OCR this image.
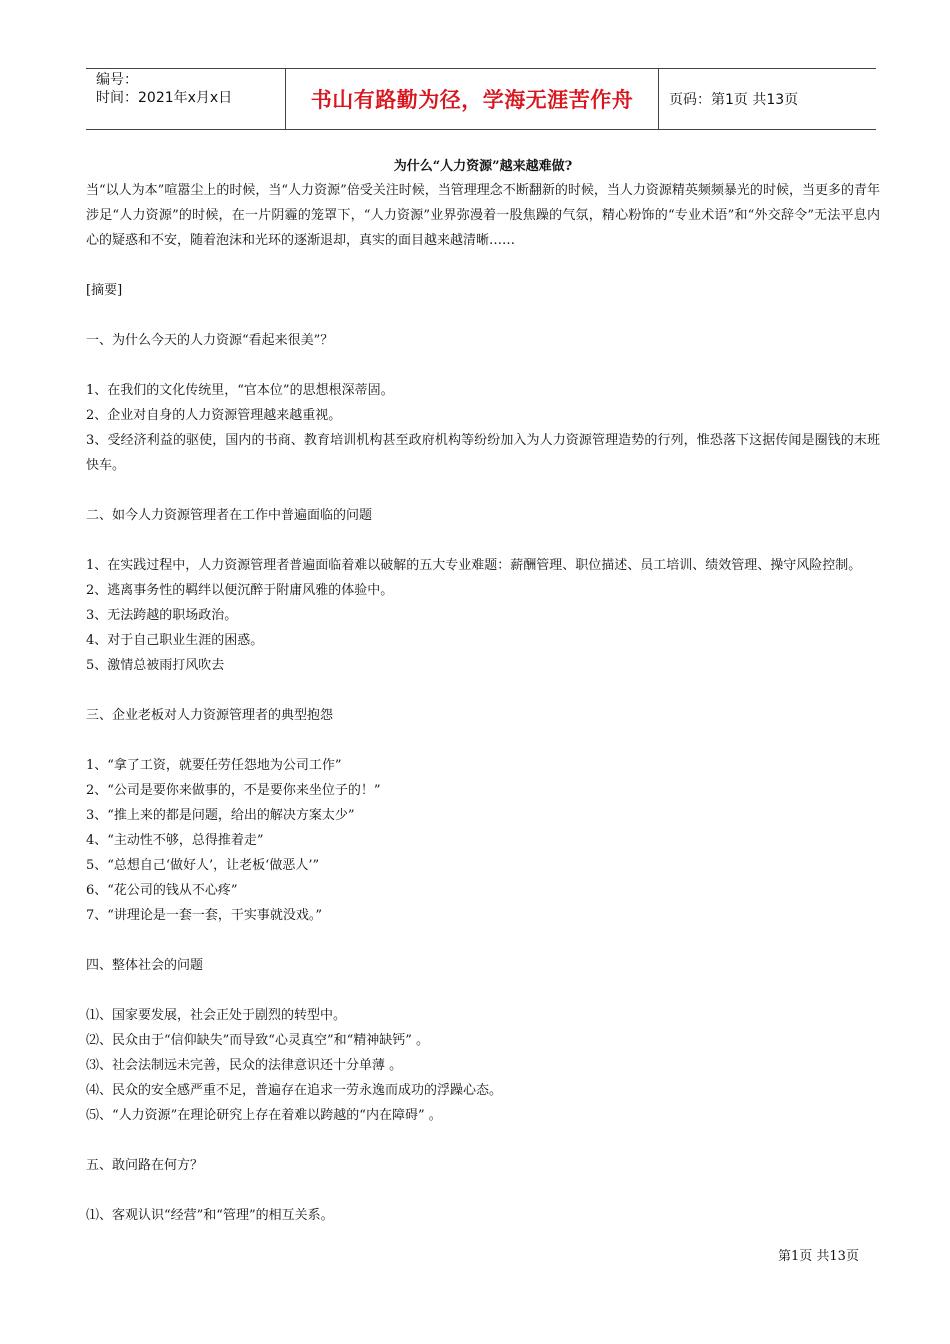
编号：
时间：2021年x月x日	书山有路勤为径，学海无涯苦作舟	页码：第1页 共13页
为什么“人力资源”越来越难做?

当“以人为本”喧嚣尘上的时候，当“人力资源”倍受关注时候，当管理理念不断翻新的时候，当人力资源精英频频暴光的时候，当更多的青年涉足“人力资源”的时候，在一片阴霾的笼罩下，“人力资源”业界弥漫着一股焦躁的气氛，精心粉饰的“专业术语”和“外交辞令”无法平息内心的疑惑和不安，随着泡沫和光环的逐渐退却，真实的面目越来越清晰……

[摘要]

一、为什么今天的人力资源“看起来很美”？

1、在我们的文化传统里，“官本位”的思想根深蒂固。

2、企业对自身的人力资源管理越来越重视。

3、受经济利益的驱使，国内的书商、教育培训机构甚至政府机构等纷纷加入为人力资源管理造势的行列，惟恐落下这据传闻是圈钱的末班快车。

二、如今人力资源管理者在工作中普遍面临的问题

1、在实践过程中，人力资源管理者普遍面临着难以破解的五大专业难题：薪酬管理、职位描述、员工培训、绩效管理、操守风险控制。

2、逃离事务性的羁绊以便沉醉于附庸风雅的体验中。

3、无法跨越的职场政治。

4、对于自己职业生涯的困惑。

5、激情总被雨打风吹去

三、企业老板对人力资源管理者的典型抱怨

1、“拿了工资，就要任劳任怨地为公司工作”

2、“公司是要你来做事的，不是要你来坐位子的！”

3、“推上来的都是问题，给出的解决方案太少”

4、“主动性不够，总得推着走”

5、“总想自己‘做好人’，让老板‘做恶人’”

6、“花公司的钱从不心疼”

7、“讲理论是一套一套，干实事就没戏。”

四、整体社会的问题

⑴、国家要发展，社会正处于剧烈的转型中。

⑵、民众由于“信仰缺失”而导致“心灵真空”和“精神缺钙” 。

⑶、社会法制远未完善，民众的法律意识还十分单薄 。

⑷、民众的安全感严重不足，普遍存在追求一劳永逸而成功的浮躁心态。

⑸、“人力资源”在理论研究上存在着难以跨越的“内在障碍” 。

五、敢问路在何方？

⑴、客观认识“经营”和“管理”的相互关系。

第1页 共13页
